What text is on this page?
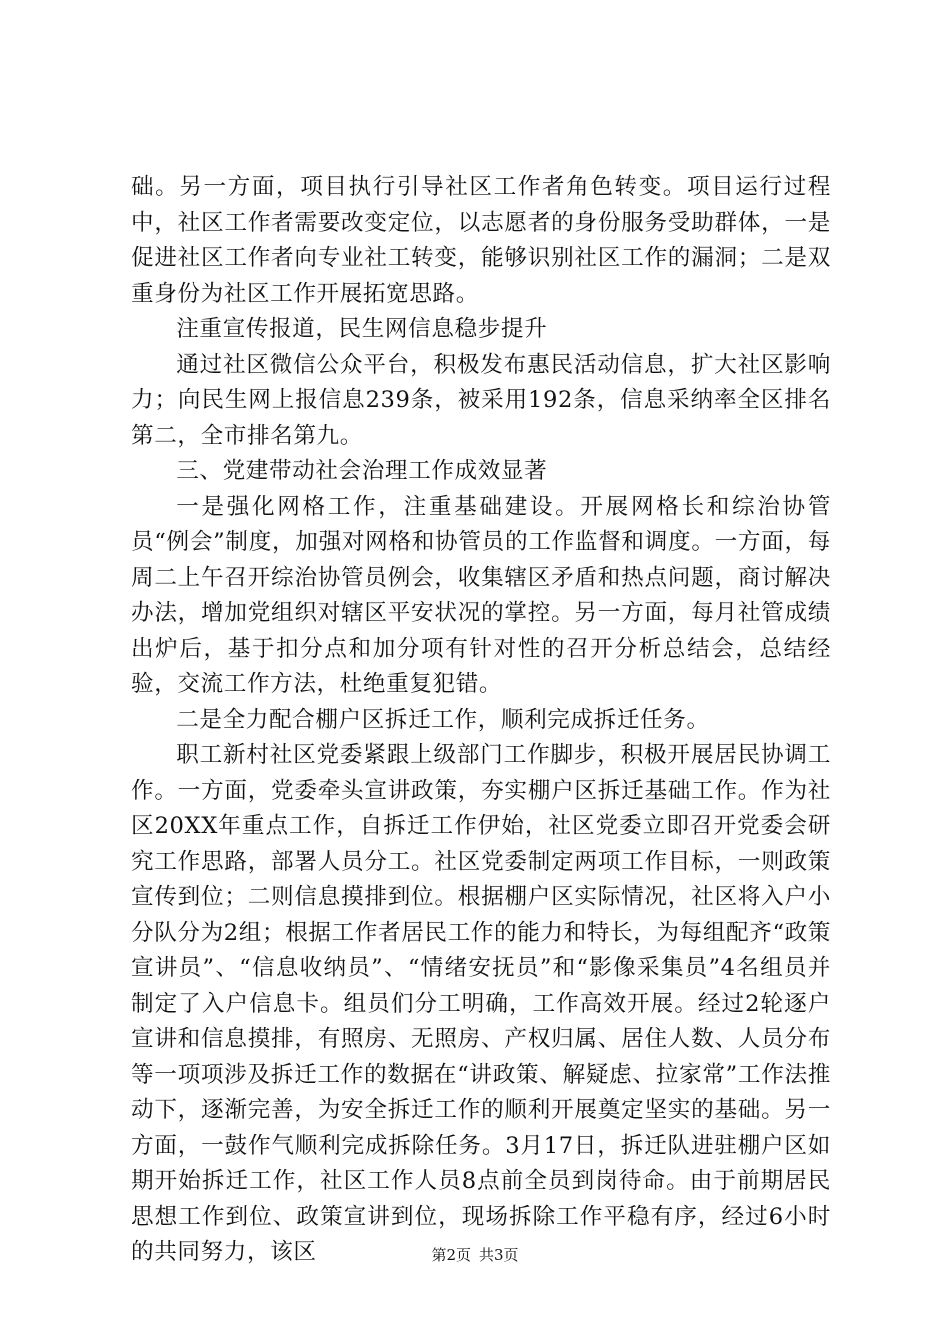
础。另一方面，项目执行引导社区工作者角色转变。项目运行过程中，社区工作者需要改变定位，以志愿者的身份服务受助群体，一是促进社区工作者向专业社工转变，能够识别社区工作的漏洞；二是双重身份为社区工作开展拓宽思路。

注重宣传报道，民生网信息稳步提升

通过社区微信公众平台，积极发布惠民活动信息，扩大社区影响力；向民生网上报信息239条，被采用192条，信息采纳率全区排名第二，全市排名第九。

三、党建带动社会治理工作成效显著

一是强化网格工作，注重基础建设。开展网格长和综治协管员“例会”制度，加强对网格和协管员的工作监督和调度。一方面，每周二上午召开综治协管员例会，收集辖区矛盾和热点问题，商讨解决办法，增加党组织对辖区平安状况的掌控。另一方面，每月社管成绩出炉后，基于扣分点和加分项有针对性的召开分析总结会，总结经验，交流工作方法，杜绝重复犯错。

二是全力配合棚户区拆迁工作，顺利完成拆迁任务。

职工新村社区党委紧跟上级部门工作脚步，积极开展居民协调工作。一方面，党委牵头宣讲政策，夯实棚户区拆迁基础工作。作为社区20XX年重点工作，自拆迁工作伊始，社区党委立即召开党委会研究工作思路，部署人员分工。社区党委制定两项工作目标，一则政策宣传到位；二则信息摸排到位。根据棚户区实际情况，社区将入户小分队分为2组；根据工作者居民工作的能力和特长，为每组配齐“政策宣讲员”、“信息收纳员”、“情绪安抚员”和“影像采集员”4名组员并制定了入户信息卡。组员们分工明确，工作高效开展。经过2轮逐户宣讲和信息摸排，有照房、无照房、产权归属、居住人数、人员分布等一项项涉及拆迁工作的数据在“讲政策、解疑虑、拉家常”工作法推动下，逐渐完善，为安全拆迁工作的顺利开展奠定坚实的基础。另一方面，一鼓作气顺利完成拆除任务。3月17日，拆迁队进驻棚户区如期开始拆迁工作，社区工作人员8点前全员到岗待命。由于前期居民思想工作到位、政策宣讲到位，现场拆除工作平稳有序，经过6小时的共同努力，该区	第2页 共3页
